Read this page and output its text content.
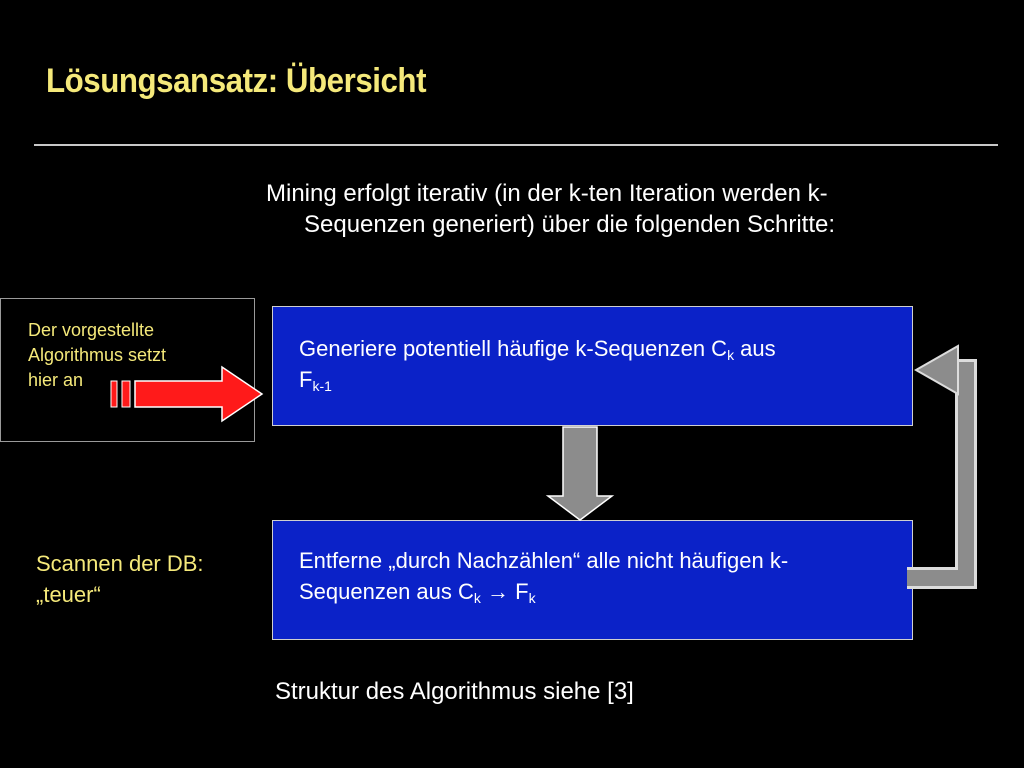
Lösungsansatz: Übersicht
Mining erfolgt iterativ (in der k-ten Iteration werden k-
Sequenzen generiert) über die folgenden Schritte:
Der vorgestellte
Algorithmus setzt
hier an
Generiere potentiell häufige k-Sequenzen $C_k$ aus
$F_{k-1}$
Entferne „durch Nachzählen“ alle nicht häufigen k-
Sequenzen aus $C_k \to F_k$
Scannen der DB:
„teuer“
Struktur des Algorithmus siehe [3]
